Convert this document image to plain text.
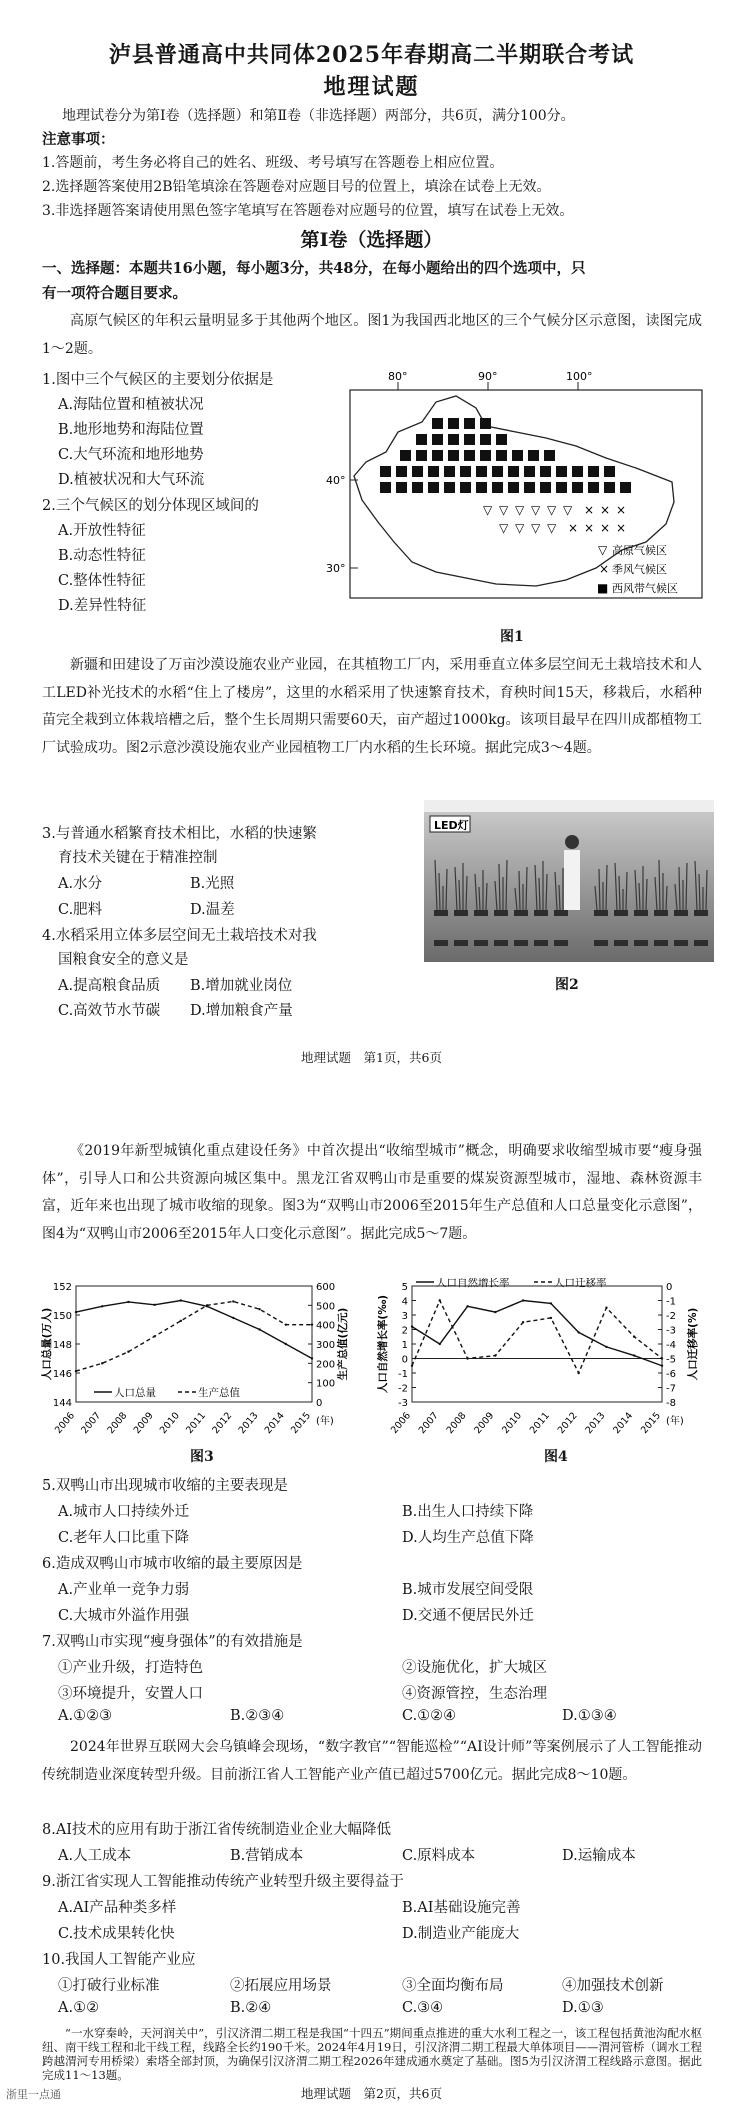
泸县普通高中共同体2025年春期高二半期联合考试
地理试题
地理试卷分为第Ⅰ卷（选择题）和第Ⅱ卷（非选择题）两部分，共6页，满分100分。
注意事项：
1.答题前，考生务必将自己的姓名、班级、考号填写在答题卷上相应位置。
2.选择题答案使用2B铅笔填涂在答题卷对应题目号的位置上，填涂在试卷上无效。
3.非选择题答案请使用黑色签字笔填写在答题卷对应题号的位置，填写在试卷上无效。
第Ⅰ卷（选择题）
一、选择题：本题共16小题，每小题3分，共48分，在每小题给出的四个选项中，只
有一项符合题目要求。
高原气候区的年积云量明显多于其他两个地区。图1为我国西北地区的三个气候分区示意图，读图完成1～2题。
1.图中三个气候区的主要划分依据是
A.海陆位置和植被状况
B.地形地势和海陆位置
C.大气环流和地形地势
D.植被状况和大气环流
2.三个气候区的划分体现区域间的
A.开放性特征
B.动态性特征
C.整体性特征
D.差异性特征
80°	90°	100°
40°
30°
▽ ▽ ▽ ▽ ▽ ▽
▽ ▽ ▽ ▽
× × ×
× × × ×
▽ 高原气候区
× 季风气候区
■ 西风带气候区
图1
新疆和田建设了万亩沙漠设施农业产业园，在其植物工厂内，采用垂直立体多层空间无土栽培技术和人工LED补光技术的水稻“住上了楼房”，这里的水稻采用了快速繁育技术，育秧时间15天，移栽后，水稻种苗完全栽到立体栽培槽之后，整个生长周期只需要60天，亩产超过1000kg。该项目最早在四川成都植物工厂试验成功。图2示意沙漠设施农业产业园植物工厂内水稻的生长环境。据此完成3～4题。
3.与普通水稻繁育技术相比，水稻的快速繁
育技术关键在于精准控制
A.水分	B.光照
C.肥料	D.温差
4.水稻采用立体多层空间无土栽培技术对我
国粮食安全的意义是
A.提高粮食品质 B.增加就业岗位
C.高效节水节碳 D.增加粮食产量
LED灯
图2
地理试题　第1页，共6页
《2019年新型城镇化重点建设任务》中首次提出“收缩型城市”概念，明确要求收缩型城市要“瘦身强体”，引导人口和公共资源向城区集中。黑龙江省双鸭山市是重要的煤炭资源型城市，湿地、森林资源丰富，近年来也出现了城市收缩的现象。图3为“双鸭山市2006至2015年生产总值和人口总量变化示意图”，图4为“双鸭山市2006至2015年人口变化示意图”。据此完成5～7题。
144
146
148
150
152
0
100
200
300
400
500
600
2006 2007 2008 2009 2010 2011 2012 2013 2014 2015 (年)
人口总量(万人)	生产总值(亿元)
人口总量	生产总值
图3
-3
-2
-1
0
1
2
3
4
5
-8
-7
-6
-5
-4
-3
-2
-1
0
2006 2007 2008 2009 2010 2011 2012 2013 2014 2015 (年)
人口自然增长率(‰)	人口迁移率(%)
人口自然增长率	人口迁移率
图4
5.双鸭山市出现城市收缩的主要表现是
A.城市人口持续外迁	B.出生人口持续下降
C.老年人口比重下降	D.人均生产总值下降
6.造成双鸭山市城市收缩的最主要原因是
A.产业单一竞争力弱	B.城市发展空间受限
C.大城市外溢作用强	D.交通不便居民外迁
7.双鸭山市实现“瘦身强体”的有效措施是
①产业升级，打造特色	②设施优化，扩大城区
③环境提升，安置人口	④资源管控，生态治理
A.①②③	B.②③④	C.①②④	D.①③④
2024年世界互联网大会乌镇峰会现场，“数字教官”“智能巡检”“AI设计师”等案例展示了人工智能推动传统制造业深度转型升级。目前浙江省人工智能产业产值已超过5700亿元。据此完成8～10题。
8.AI技术的应用有助于浙江省传统制造业企业大幅降低
A.人工成本	B.营销成本	C.原料成本	D.运输成本
9.浙江省实现人工智能推动传统产业转型升级主要得益于
A.AI产品种类多样	B.AI基础设施完善
C.技术成果转化快	D.制造业产能庞大
10.我国人工智能产业应
①打破行业标准	②拓展应用场景	③全面均衡布局	④加强技术创新
A.①②	B.②④	C.③④	D.①③
“一水穿秦岭，天河润关中”，引汉济渭二期工程是我国“十四五”期间重点推进的重大水利工程之一，该工程包括黄池沟配水枢纽、南干线工程和北干线工程，线路全长约190千米。2024年4月19日，引汉济渭二期工程最大单体项目——渭河管桥（调水工程跨越渭河专用桥梁）索塔全部封顶，为确保引汉济渭二期工程2026年建成通水奠定了基础。图5为引汉济渭工程线路示意图。据此完成11～13题。
地理试题　第2页，共6页
浙里一点通
